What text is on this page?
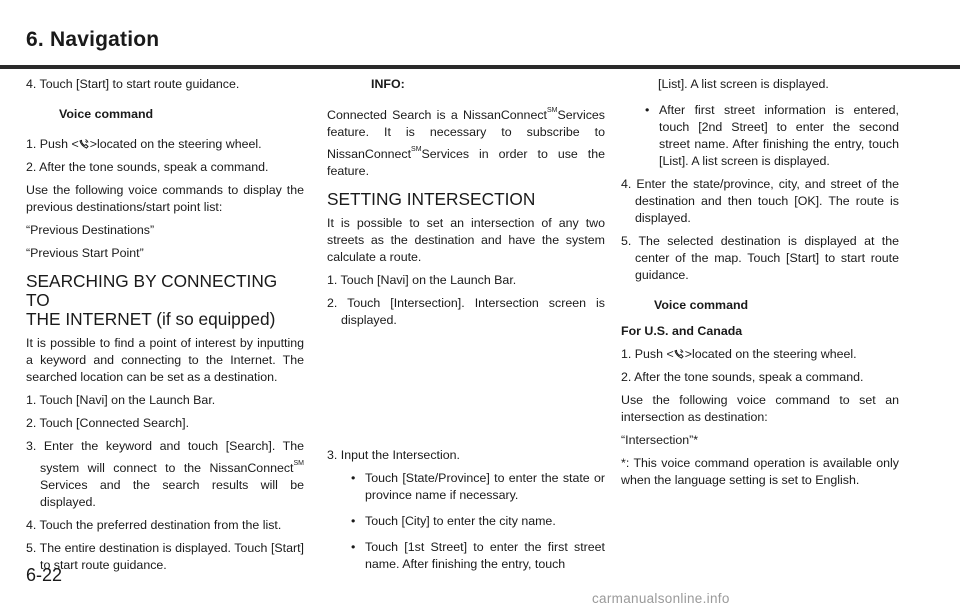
6. Navigation

4. Touch [Start] to start route guidance.

Voice command

1. Push < >located on the steering wheel.

2. After the tone sounds, speak a command.

Use the following voice commands to display the previous destinations/start point list:

“Previous Destinations”

“Previous Start Point”

SEARCHING BY CONNECTING TO
THE INTERNET (if so equipped)

It is possible to find a point of interest by inputting a keyword and connecting to the Internet. The searched location can be set as a destination.

1. Touch [Navi] on the Launch Bar.

2. Touch [Connected Search].

3. Enter the keyword and touch [Search]. The system will connect to the NissanConnect℠ Services and the search results will be displayed.

4. Touch the preferred destination from the list.

5. The entire destination is displayed. Touch [Start] to start route guidance.

INFO:

Connected Search is a NissanConnect℠Services feature. It is necessary to subscribe to NissanConnect℠Services in order to use the feature.

SETTING INTERSECTION

It is possible to set an intersection of any two streets as the destination and have the system calculate a route.

1. Touch [Navi] on the Launch Bar.

2. Touch [Intersection]. Intersection screen is displayed.

3. Input the Intersection.

• Touch [State/Province] to enter the state or province name if necessary.

• Touch [City] to enter the city name.

• Touch [1st Street] to enter the first street name. After finishing the entry, touch

[List]. A list screen is displayed.

• After first street information is entered, touch [2nd Street] to enter the second street name. After finishing the entry, touch [List]. A list screen is displayed.

4. Enter the state/province, city, and street of the destination and then touch [OK]. The route is displayed.

5. The selected destination is displayed at the center of the map. Touch [Start] to start route guidance.

Voice command

For U.S. and Canada

1. Push < >located on the steering wheel.

2. After the tone sounds, speak a command.

Use the following voice command to set an intersection as destination:

“Intersection”*

*: This voice command operation is available only when the language setting is set to English.

6-22
carmanualsonline.info
